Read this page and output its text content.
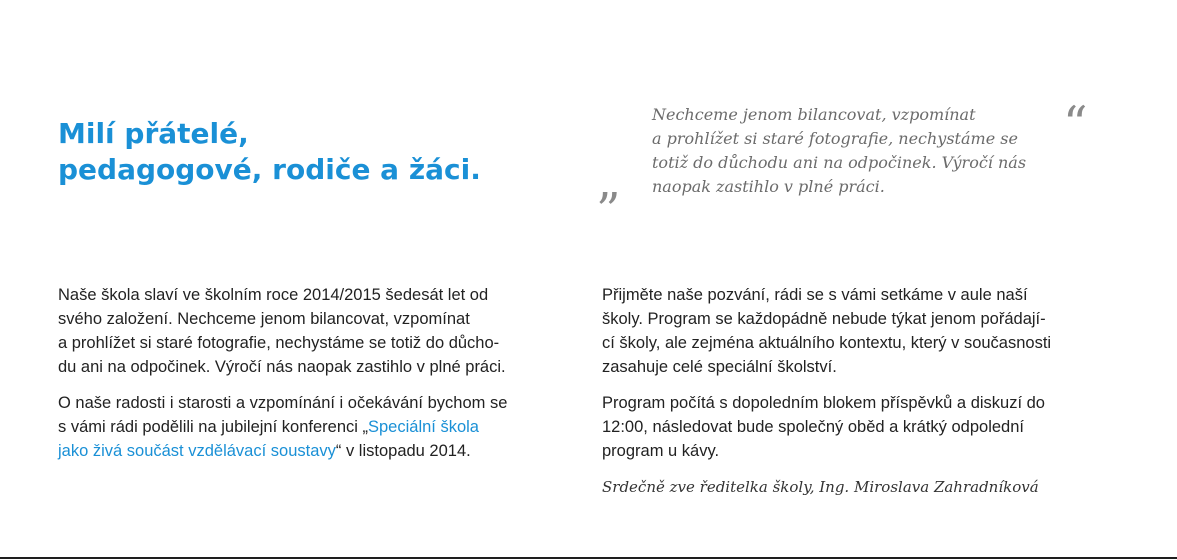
Milí přátelé,
pedagogové, rodiče a žáci.
”

Nechceme jenom bilancovat, vzpomínat
a prohlížet si staré fotografie, nechystáme se
totiž do důchodu ani na odpočinek. Výročí nás
naopak zastihlo v plné práci.

“

Naše škola slaví ve školním roce 2014/2015 šedesát let od
svého založení. Nechceme jenom bilancovat, vzpomínat
a prohlížet si staré fotografie, nechystáme se totiž do důcho-
du ani na odpočinek. Výročí nás naopak zastihlo v plné práci.

O naše radosti i starosti a vzpomínání i očekávání bychom se
s vámi rádi podělili na jubilejní konferenci „Speciální škola
jako živá součást vzdělávací soustavy“ v listopadu 2014.

Přijměte naše pozvání, rádi se s vámi setkáme v aule naší
školy. Program se každopádně nebude týkat jenom pořádají-
cí školy, ale zejména aktuálního kontextu, který v současnosti
zasahuje celé speciální školství.

Program počítá s dopoledním blokem příspěvků a diskuzí do
12:00, následovat bude společný oběd a krátký odpolední
program u kávy.

Srdečně zve ředitelka školy, Ing. Miroslava Zahradníková
